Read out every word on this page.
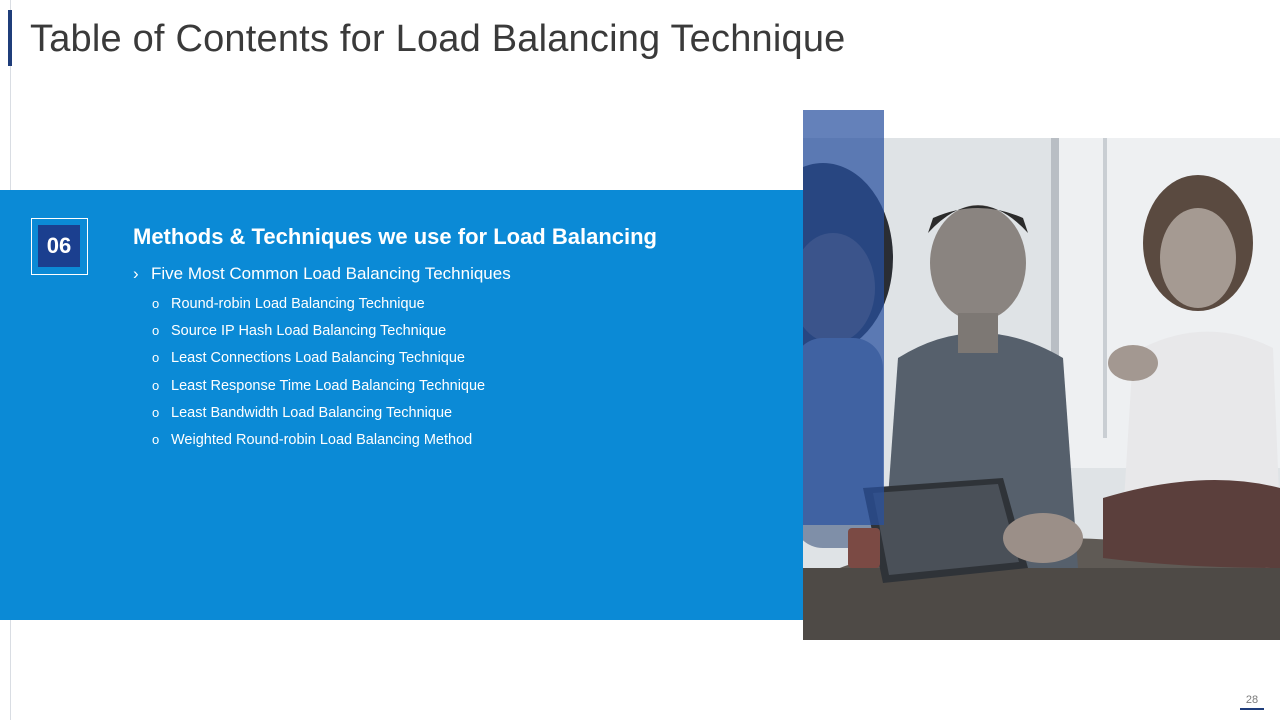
Table of Contents for Load Balancing Technique
06	Methods & Techniques we use for Load Balancing
› Five Most Common Load Balancing Techniques
o Round-robin Load Balancing Technique
o Source IP Hash Load Balancing Technique
o Least Connections Load Balancing Technique
o Least Response Time Load Balancing Technique
o Least Bandwidth Load Balancing Technique
o Weighted Round-robin Load Balancing Method
28
